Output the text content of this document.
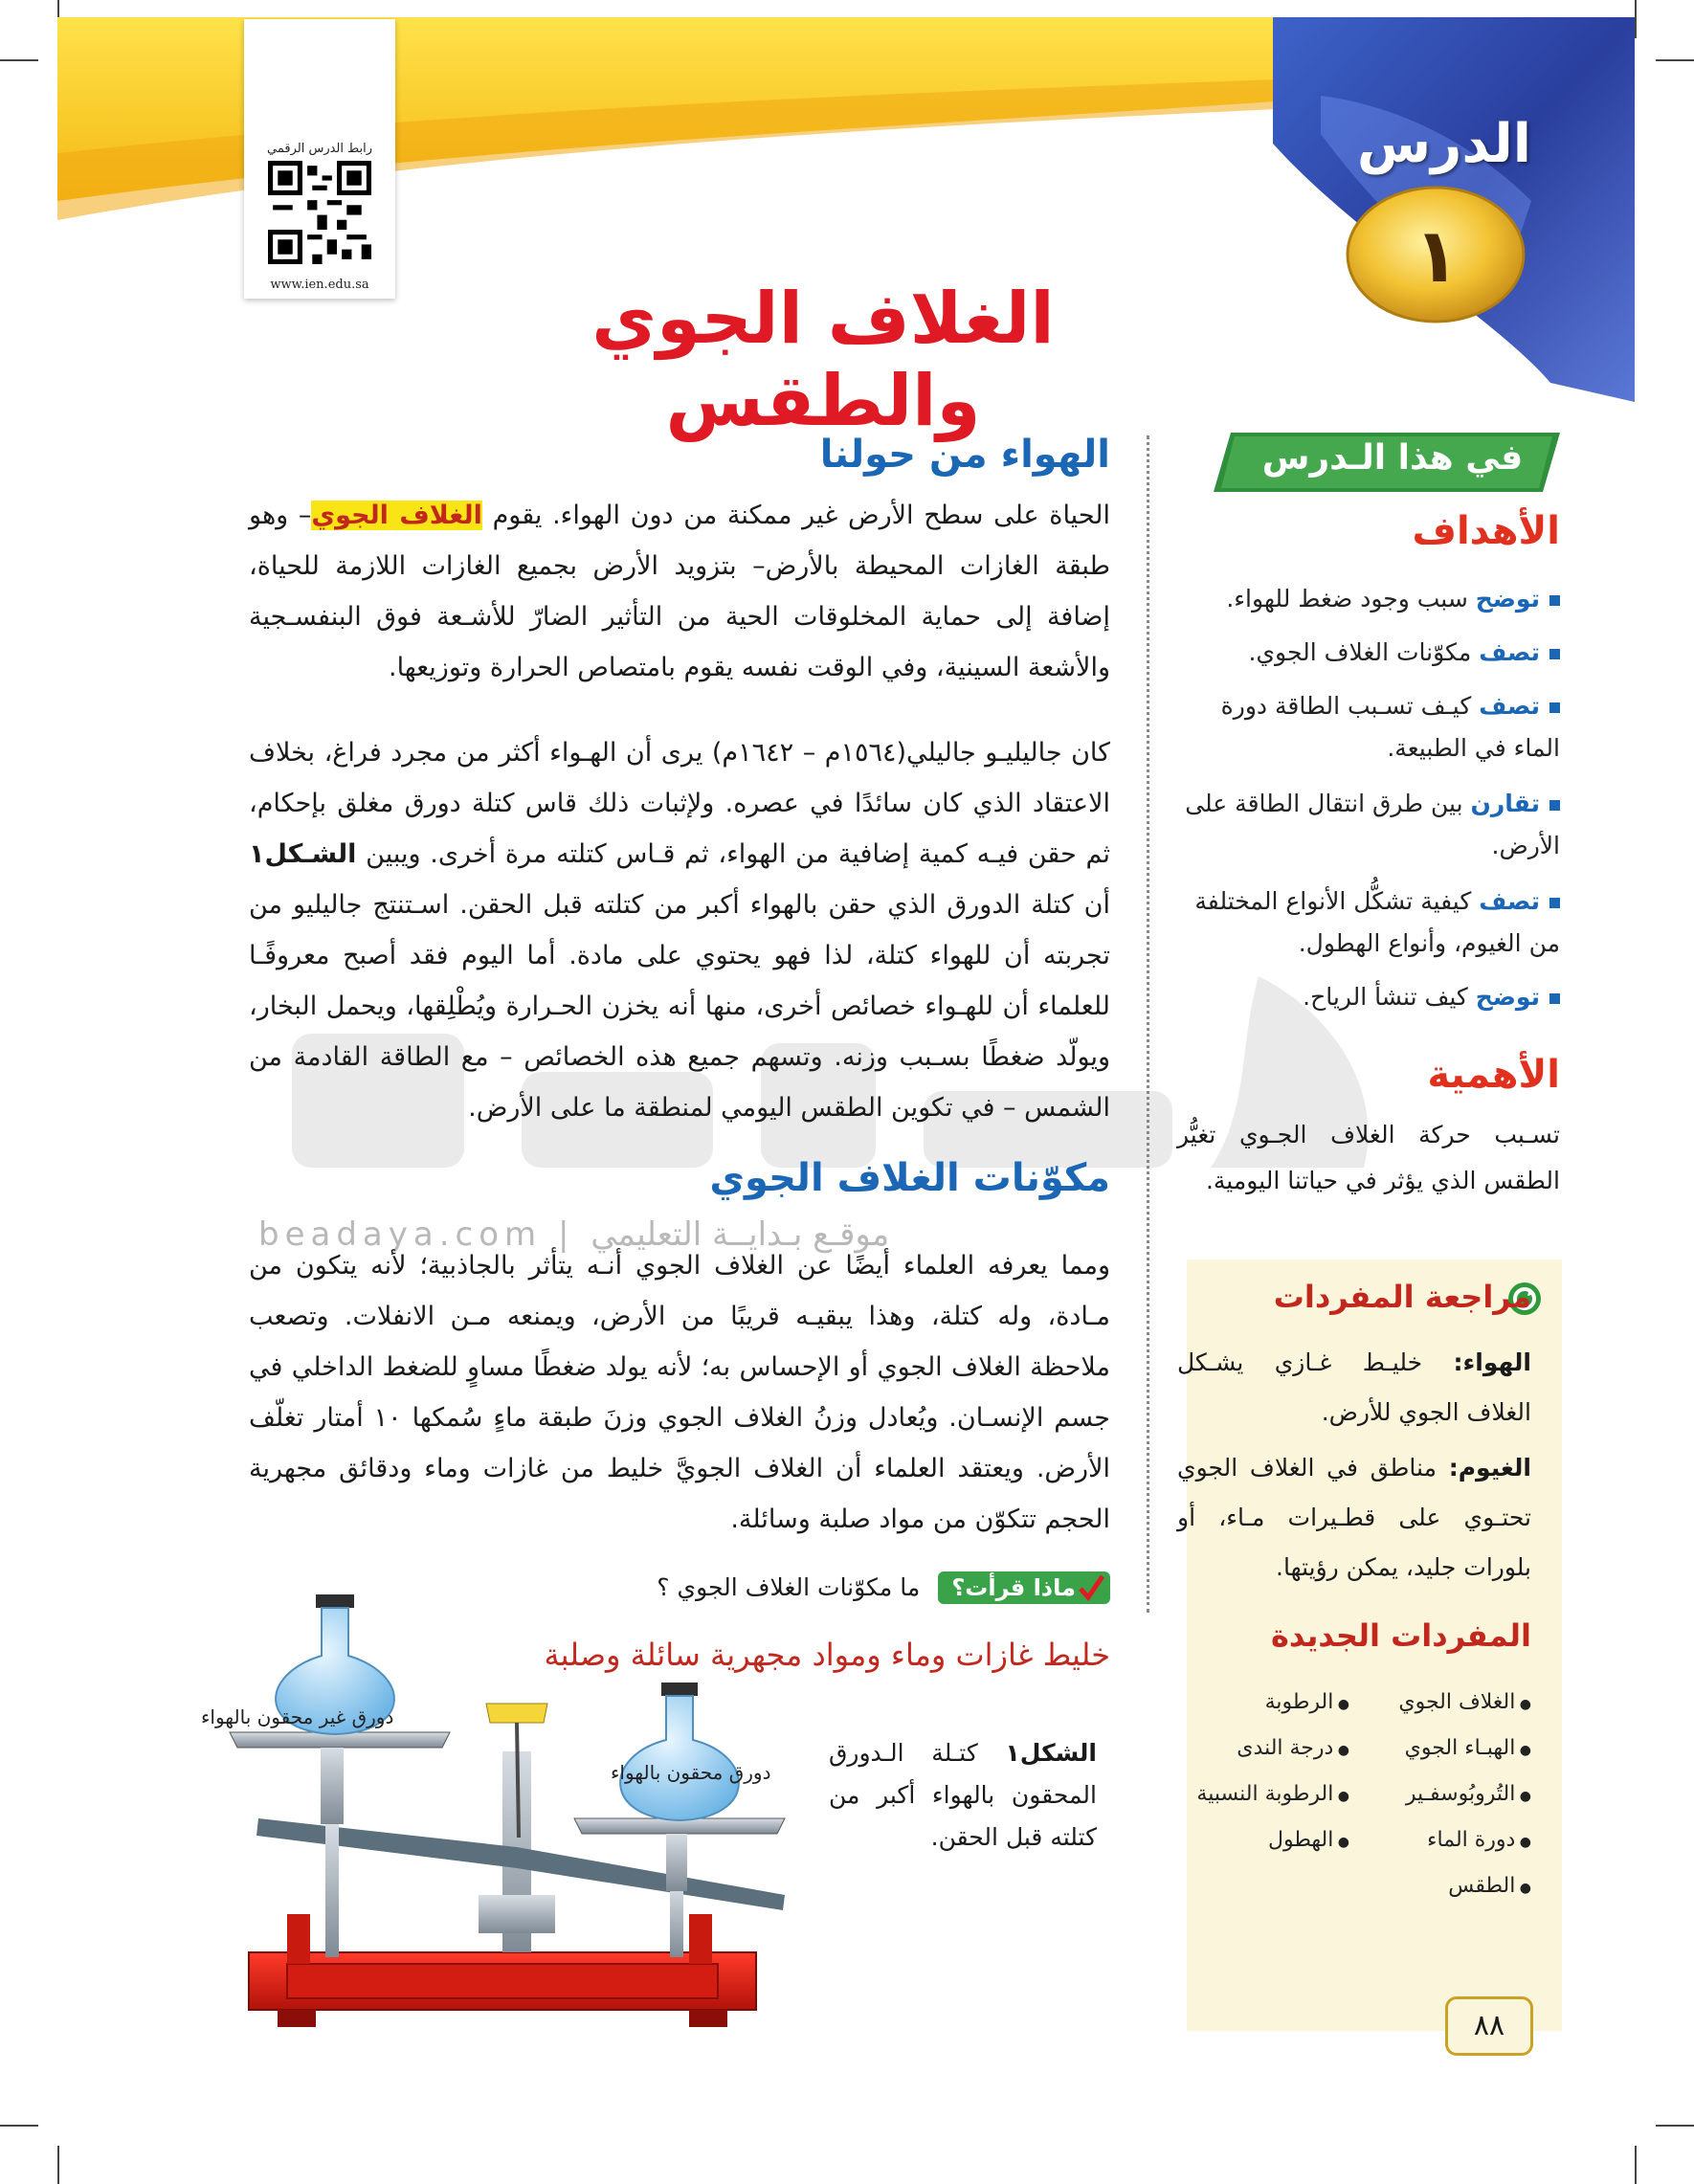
رابط الدرس الرقمي
www.ien.edu.sa
الدرس
١
الغلاف الجوي والطقس
beadaya.com | موقـع بـدايــة التعليمي
في هذا الـدرس
الأهداف
توضح سبب وجود ضغط للهواء.
تصف مكوّنات الغلاف الجوي.
تصف كيـف تسـبب الطاقة دورة الماء في الطبيعة.
تقارن بين طرق انتقال الطاقة على الأرض.
تصف كيفية تشكُّل الأنواع المختلفة من الغيوم، وأنواع الهطول.
توضح كيف تنشأ الرياح.
الأهمية
تسـبب حركة الغلاف الجـوي تغيُّر الطقس الذي يؤثر في حياتنا اليومية.
مراجعة المفردات
الهواء: خليـط غـازي يشـكل الغلاف الجوي للأرض.
الغيوم: مناطق في الغلاف الجوي تحتـوي على قطـيرات مـاء، أو بلورات جليد، يمكن رؤيتها.
المفردات الجديدة
● الغلاف الجوي
● الهبـاء الجوي
● التُروبُوسفـير
● دورة الماء
● الطقس
● الرطوبة
● درجة الندى
● الرطوبة النسبية
● الهطول
الهواء من حولنا
الحياة على سطح الأرض غير ممكنة من دون الهواء. يقوم الغلاف الجوي– وهو طبقة الغازات المحيطة بالأرض– بتزويد الأرض بجميع الغازات اللازمة للحياة، إضافة إلى حماية المخلوقات الحية من التأثير الضارّ للأشـعة فوق البنفسـجية والأشعة السينية، وفي الوقت نفسه يقوم بامتصاص الحرارة وتوزيعها.
كان جاليليـو جاليلي(١٥٦٤م – ١٦٤٢م) يرى أن الهـواء أكثر من مجرد فراغ، بخلاف الاعتقاد الذي كان سائدًا في عصره. ولإثبات ذلك قاس كتلة دورق مغلق بإحكام، ثم حقن فيـه كمية إضافية من الهواء، ثم قـاس كتلته مرة أخرى. ويبين الشـكل١ أن كتلة الدورق الذي حقن بالهواء أكبر من كتلته قبل الحقن. اسـتنتج جاليليو من تجربته أن للهواء كتلة، لذا فهو يحتوي على مادة. أما اليوم فقد أصبح معروفًـا للعلماء أن للهـواء خصائص أخرى، منها أنه يخزن الحـرارة ويُطْلِقها، ويحمل البخار، ويولّد ضغطًا بسـبب وزنه. وتسهم جميع هذه الخصائص – مع الطاقة القادمة من الشمس – في تكوين الطقس اليومي لمنطقة ما على الأرض.
مكوّنات الغلاف الجوي
ومما يعرفه العلماء أيضًا عن الغلاف الجوي أنـه يتأثر بالجاذبية؛ لأنه يتكون من مـادة، وله كتلة، وهذا يبقيـه قريبًا من الأرض، ويمنعه مـن الانفلات. وتصعب ملاحظة الغلاف الجوي أو الإحساس به؛ لأنه يولد ضغطًا مساوٍ للضغط الداخلي في جسم الإنسـان. ويُعادل وزنُ الغلاف الجوي وزنَ طبقة ماءٍ سُمكها ١٠ أمتار تغلّف الأرض. ويعتقد العلماء أن الغلاف الجويَّ خليط من غازات وماء ودقائق مجهرية الحجم تتكوّن من مواد صلبة وسائلة.
ماذا قرأت؟
ما مكوّنات الغلاف الجوي ؟
خليط غازات وماء ومواد مجهرية سائلة وصلبة
دورق غير محقون بالهواء
دورق محقون بالهواء
الشكل١ كتـلة الـدورق المحقون بالهواء أكبر من كتلته قبل الحقن.
٨٨
